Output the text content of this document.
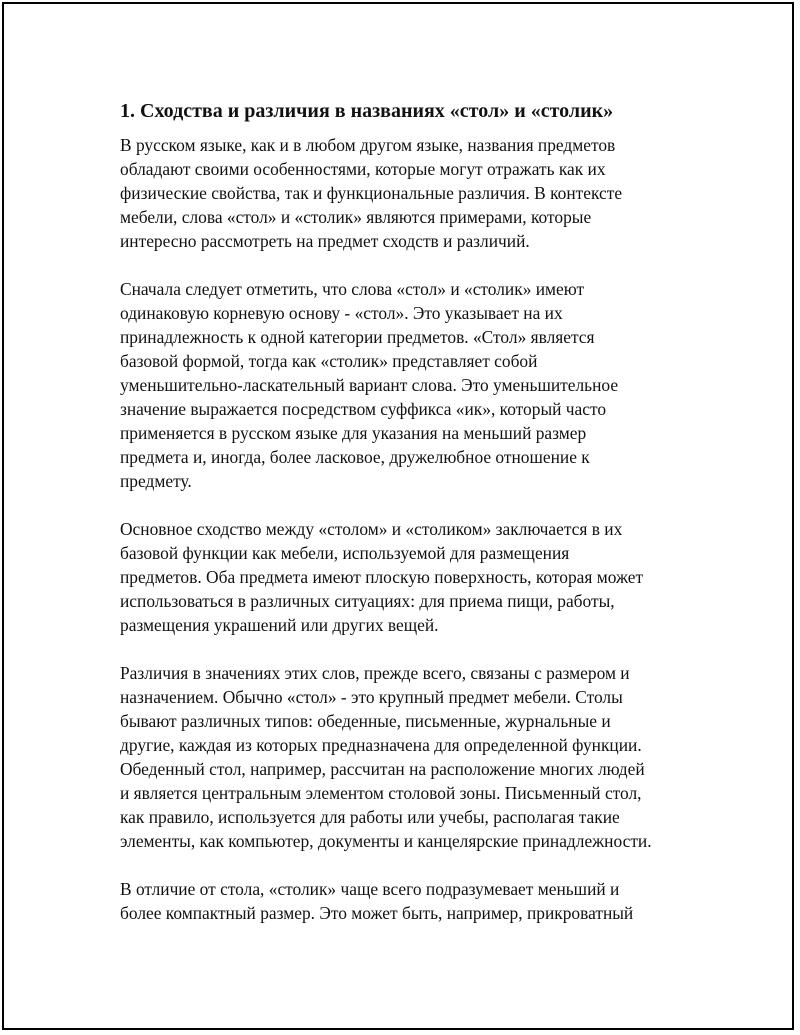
1. Сходства и различия в названиях «стол» и «столик»

В русском языке, как и в любом другом языке, названия предметов
обладают своими особенностями, которые могут отражать как их
физические свойства, так и функциональные различия. В контексте
мебели, слова «стол» и «столик» являются примерами, которые
интересно рассмотреть на предмет сходств и различий.

Сначала следует отметить, что слова «стол» и «столик» имеют
одинаковую корневую основу - «стол». Это указывает на их
принадлежность к одной категории предметов. «Стол» является
базовой формой, тогда как «столик» представляет собой
уменьшительно-ласкательный вариант слова. Это уменьшительное
значение выражается посредством суффикса «ик», который часто
применяется в русском языке для указания на меньший размер
предмета и, иногда, более ласковое, дружелюбное отношение к
предмету.

Основное сходство между «столом» и «столиком» заключается в их
базовой функции как мебели, используемой для размещения
предметов. Оба предмета имеют плоскую поверхность, которая может
использоваться в различных ситуациях: для приема пищи, работы,
размещения украшений или других вещей.

Различия в значениях этих слов, прежде всего, связаны с размером и
назначением. Обычно «стол» - это крупный предмет мебели. Столы
бывают различных типов: обеденные, письменные, журнальные и
другие, каждая из которых предназначена для определенной функции.
Обеденный стол, например, рассчитан на расположение многих людей
и является центральным элементом столовой зоны. Письменный стол,
как правило, используется для работы или учебы, располагая такие
элементы, как компьютер, документы и канцелярские принадлежности.

В отличие от стола, «столик» чаще всего подразумевает меньший и
более компактный размер. Это может быть, например, прикроватный
